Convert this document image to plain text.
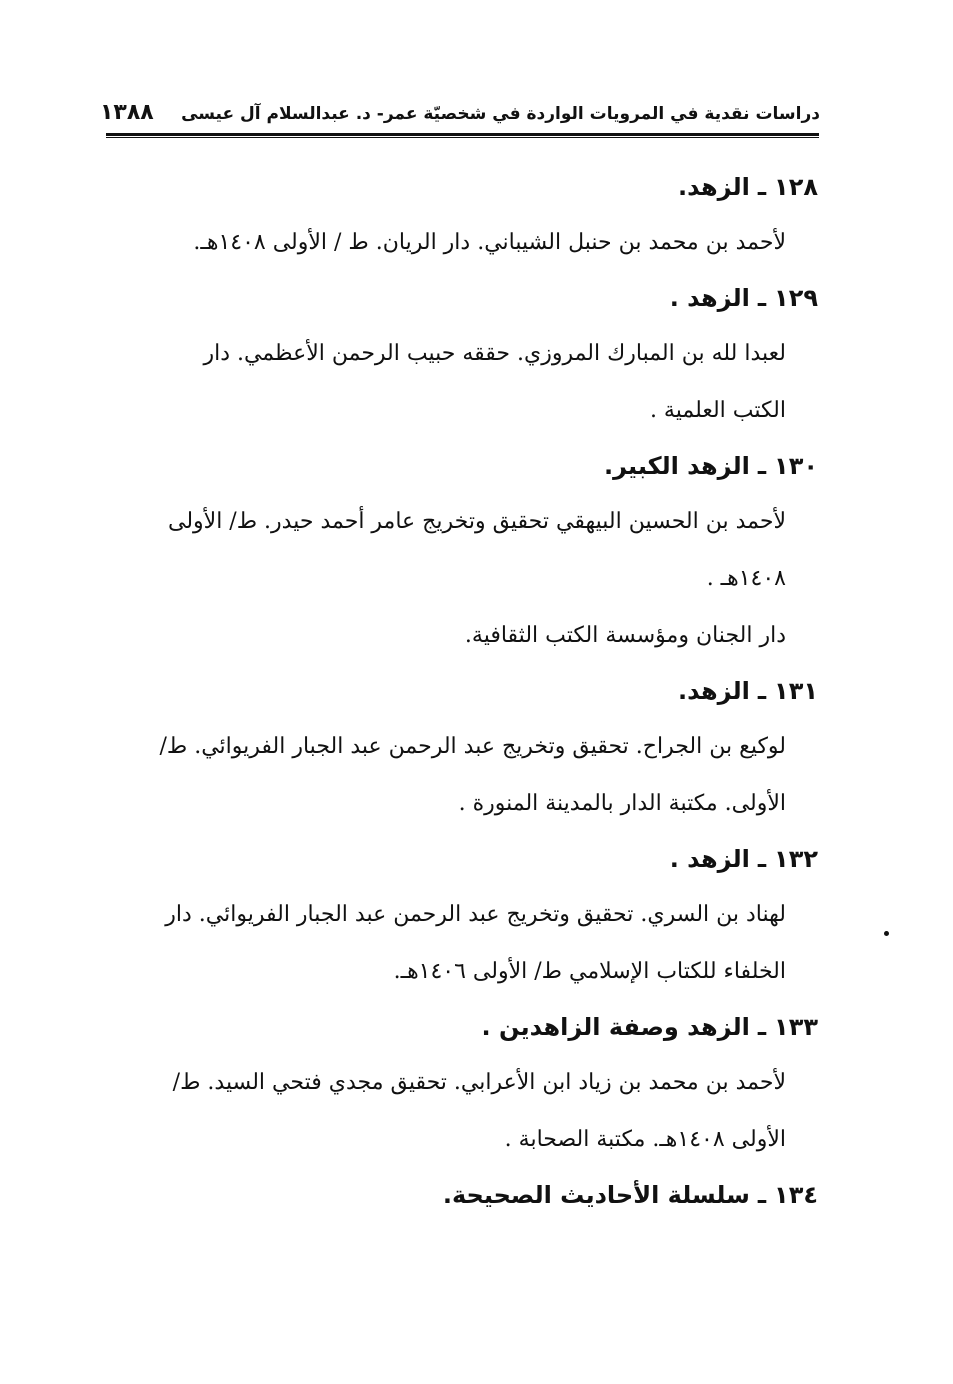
دراسات نقدية في المرويات الواردة في شخصيّة عمر- د. عبدالسلام آل عيسى
١٣٨٨

١٢٨ـالزهد.

لأحمد بن محمد بن حنبل الشيباني. دار الريان. ط / الأولى ١٤٠٨هـ.

١٢٩ـالزهد .

لعبدا لله بن المبارك المروزي. حققه حبيب الرحمن الأعظمي. دار
الكتب العلمية .

١٣٠ـالزهد الكبير.

لأحمد بن الحسين البيهقي تحقيق وتخريج عامر أحمد حيدر. ط/ الأولى
١٤٠٨هـ .
دار الجنان ومؤسسة الكتب الثقافية.

١٣١ـالزهد.

لوكيع بن الجراح. تحقيق وتخريج عبد الرحمن عبد الجبار الفريوائي. ط/
الأولى. مكتبة الدار بالمدينة المنورة .

١٣٢ـالزهد .

لهناد بن السري. تحقيق وتخريج عبد الرحمن عبد الجبار الفريوائي. دار
الخلفاء للكتاب الإسلامي ط/ الأولى ١٤٠٦هـ.

١٣٣ـالزهد وصفة الزاهدين .

لأحمد بن محمد بن زياد ابن الأعرابي. تحقيق مجدي فتحي السيد. ط/
الأولى ١٤٠٨هـ. مكتبة الصحابة .

١٣٤ـسلسلة الأحاديث الصحيحة.
